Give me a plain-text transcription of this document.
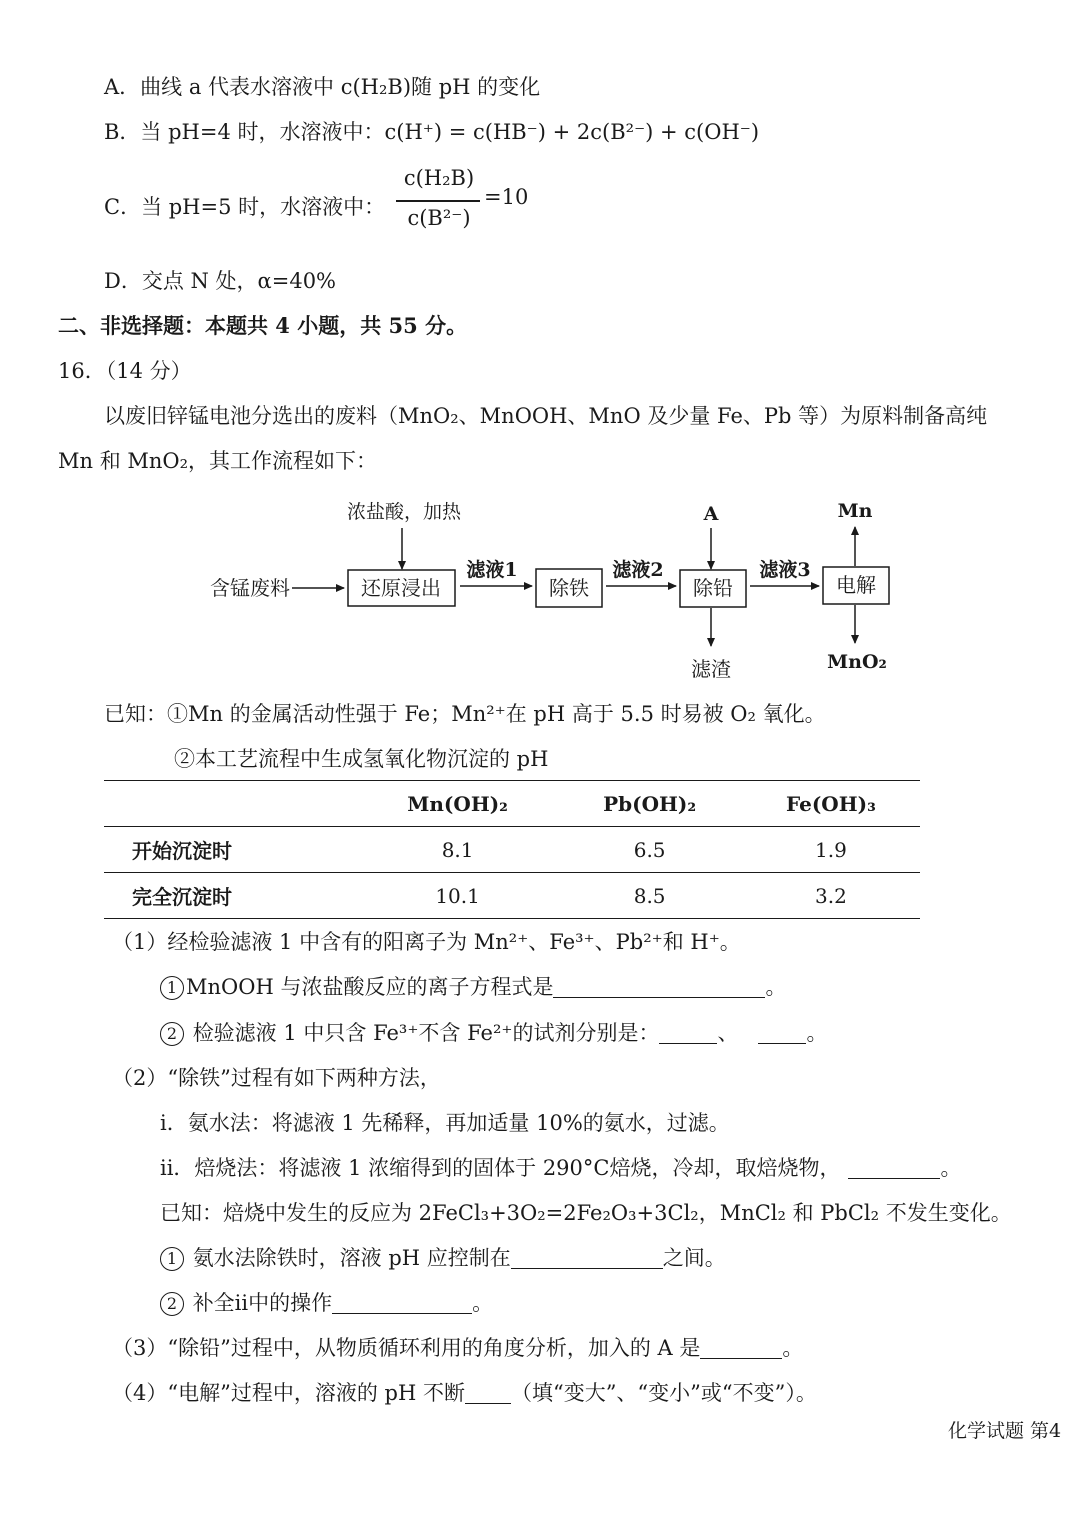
A．曲线 a 代表水溶液中 c(H₂B)随 pH 的变化
B．当 pH=4 时，水溶液中：c(H⁺) = c(HB⁻) + 2c(B²⁻) + c(OH⁻)
C．当 pH=5 时，水溶液中：
c(H₂B)
c(B²⁻)
=10
D．交点 N 处，α=40%
二、非选择题：本题共 4 小题，共 55 分。
16．（14 分）
以废旧锌锰电池分选出的废料（MnO₂、MnOOH、MnO 及少量 Fe、Pb 等）为原料制备高纯
Mn 和 MnO₂，其工作流程如下：
含锰废料
浓盐酸，加热
还原浸出
滤液1
除铁
滤液2
A
除铅
滤渣
滤液3
电解
Mn
MnO₂
已知：①Mn 的金属活动性强于 Fe；Mn²⁺在 pH 高于 5.5 时易被 O₂ 氧化。
②本工艺流程中生成氢氧化物沉淀的 pH
	Mn(OH)₂	Pb(OH)₂	Fe(OH)₃
开始沉淀时	8.1	6.5	1.9
完全沉淀时	10.1	8.5	3.2
（1）经检验滤液 1 中含有的阳离子为 Mn²⁺、Fe³⁺、Pb²⁺和 H⁺。
1 MnOOH 与浓盐酸反应的离子方程式是	。
2 检验滤液 1 中只含 Fe³⁺不含 Fe²⁺的试剂分别是：	、	。
（2）“除铁”过程有如下两种方法，
i．氨水法：将滤液 1 先稀释，再加适量 10%的氨水，过滤。
ii．焙烧法：将滤液 1 浓缩得到的固体于 290°C焙烧，冷却，取焙烧物，	。
已知：焙烧中发生的反应为 2FeCl₃+3O₂=2Fe₂O₃+3Cl₂，MnCl₂ 和 PbCl₂ 不发生变化。
1 氨水法除铁时，溶液 pH 应控制在	之间。
2 补全ii中的操作	。
（3）“除铅”过程中，从物质循环利用的角度分析，加入的 A 是	。
（4）“电解”过程中，溶液的 pH 不断 （填“变大”、“变小”或“不变”）。
化学试题 第4
